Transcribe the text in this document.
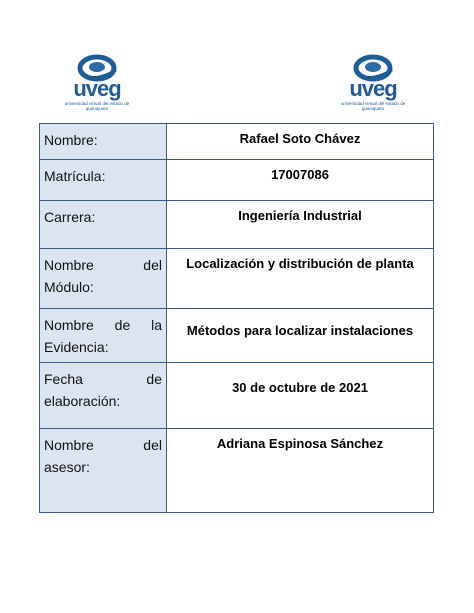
uveg
universidad virtual del estado de guanajuato
uveg
universidad virtual del estado de guanajuato
Nombre:	Rafael Soto Chávez

Matrícula:	17007086

Carrera:	Ingeniería Industrial

Nombre del
Módulo:	Localización y distribución de planta

Nombre de la
Evidencia:	Métodos para localizar instalaciones

Fecha de
elaboración:	30 de octubre de 2021

Nombre del
asesor:	Adriana Espinosa Sánchez
